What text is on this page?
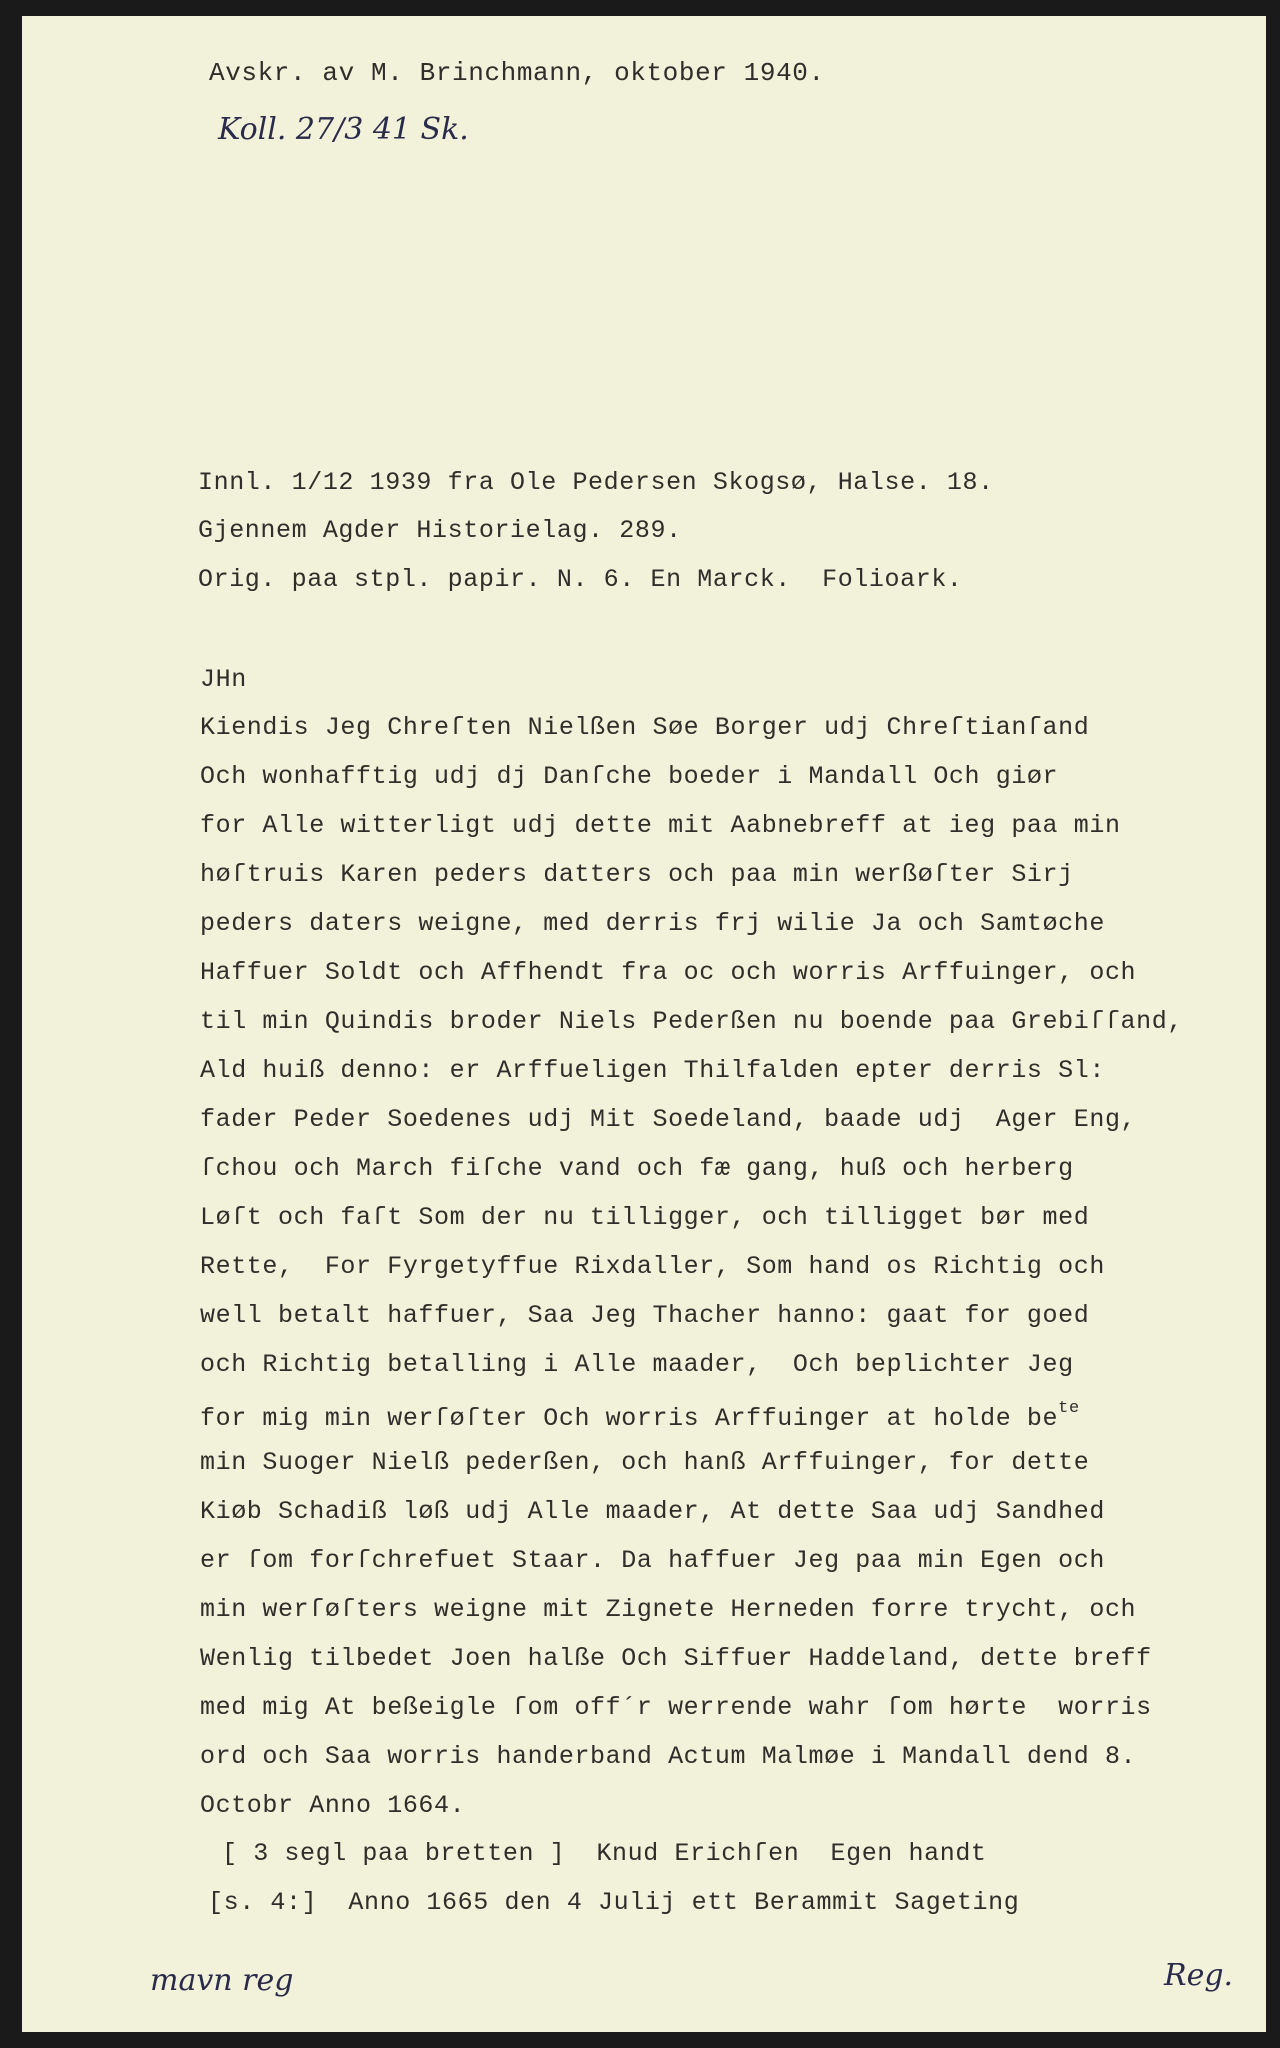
Avskr. av M. Brinchmann, oktober 1940.
Koll. 27/3 41 Sk.
Innl. 1/12 1939 fra Ole Pedersen Skogsø, Halse. 18.
Gjennem Agder Historielag. 289.
Orig. paa stpl. papir. N. 6. En Marck.  Folioark.
JHn
Kiendis Jeg Chreſten Nielßen Søe Borger udj Chreſtianſand
Och wonhafftig udj dj Danſche boeder i Mandall Och giør
for Alle witterligt udj dette mit Aabnebreff at ieg paa min
høſtruis Karen peders datters och paa min werßøſter Sirj
peders daters weigne, med derris frj wilie Ja och Samtøche
Haffuer Soldt och Affhendt fra oc och worris Arffuinger, och
til min Quindis broder Niels Pederßen nu boende paa Grebiſſand,
Ald huiß denno: er Arffueligen Thilfalden epter derris Sl:
fader Peder Soedenes udj Mit Soedeland, baade udj  Ager Eng,
ſchou och March fiſche vand och fæ gang, huß och herberg
Løſt och faſt Som der nu tilligger, och tilligget bør med
Rette,  For Fyrgetyffue Rixdaller, Som hand os Richtig och
well betalt haffuer, Saa Jeg Thacher hanno: gaat for goed
och Richtig betalling i Alle maader,  Och beplichter Jeg
for mig min werſøſter Och worris Arffuinger at holde $be^{te}$
min Suoger Nielß pederßen, och hanß Arffuinger, for dette
Kiøb Schadiß løß udj Alle maader, At dette Saa udj Sandhed
er ſom forſchrefuet Staar. Da haffuer Jeg paa min Egen och
min werſøſters weigne mit Zignete Herneden forre trycht, och
Wenlig tilbedet Joen halße Och Siffuer Haddeland, dette breff
med mig At beßeigle ſom off´r werrende wahr ſom hørte  worris
ord och Saa worris handerband Actum Malmøe i Mandall dend 8.
Octobr Anno 1664.
[ 3 segl paa bretten ]  Knud Erichſen  Egen handt
[s. 4:]  Anno 1665 den 4 Julij ett Berammit Sageting
mavn reg	Reg.
